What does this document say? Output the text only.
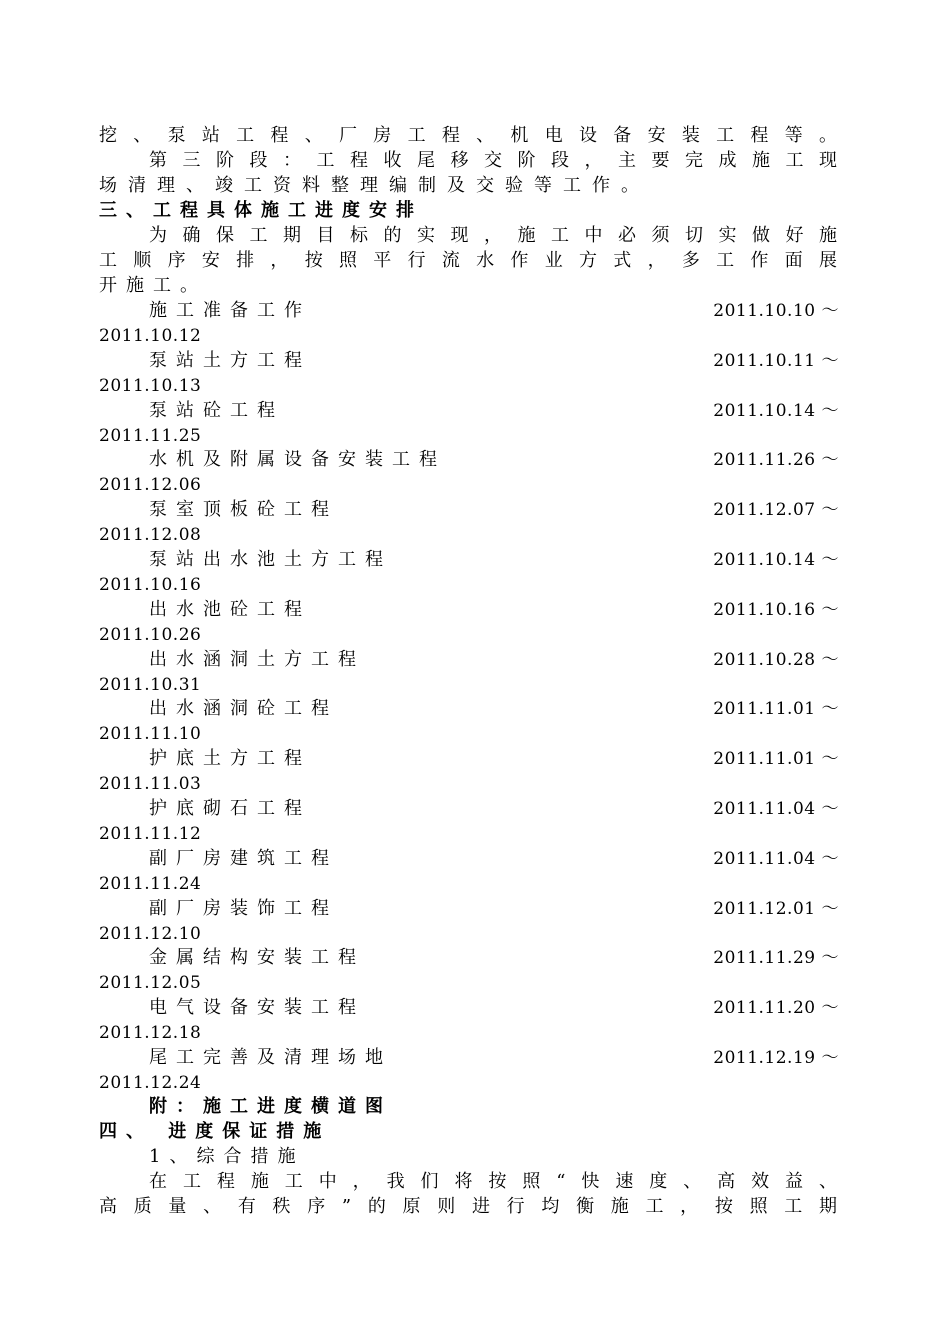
挖、泵站工程、厂房工程、机电设备安装工程等。
第三阶段：工程收尾移交阶段，主要完成施工现
场清理、竣工资料整理编制及交验等工作。
三、工程具体施工进度安排
为确保工期目标的实现，施工中必须切实做好施
工顺序安排，按照平行流水作业方式，多工作面展
开施工。
施工准备工作	2011.10.10 ～
2011.10.12
泵站土方工程	2011.10.11 ～
2011.10.13
泵站砼工程	2011.10.14 ～
2011.11.25
水机及附属设备安装工程	2011.11.26 ～
2011.12.06
泵室顶板砼工程	2011.12.07 ～
2011.12.08
泵站出水池土方工程	2011.10.14 ～
2011.10.16
出水池砼工程	2011.10.16 ～
2011.10.26
出水涵洞土方工程	2011.10.28 ～
2011.10.31
出水涵洞砼工程	2011.11.01 ～
2011.11.10
护底土方工程	2011.11.01 ～
2011.11.03
护底砌石工程	2011.11.04 ～
2011.11.12
副厂房建筑工程	2011.11.04 ～
2011.11.24
副厂房装饰工程	2011.12.01 ～
2011.12.10
金属结构安装工程	2011.11.29 ～
2011.12.05
电气设备安装工程	2011.11.20 ～
2011.12.18
尾工完善及清理场地	2011.12.19 ～
2011.12.24
附：施工进度横道图
四、 进度保证措施
1、综合措施
在工程施工中，我们将按照“快速度、高效益、
高质量、有秩序”的原则进行均衡施工，按照工期
